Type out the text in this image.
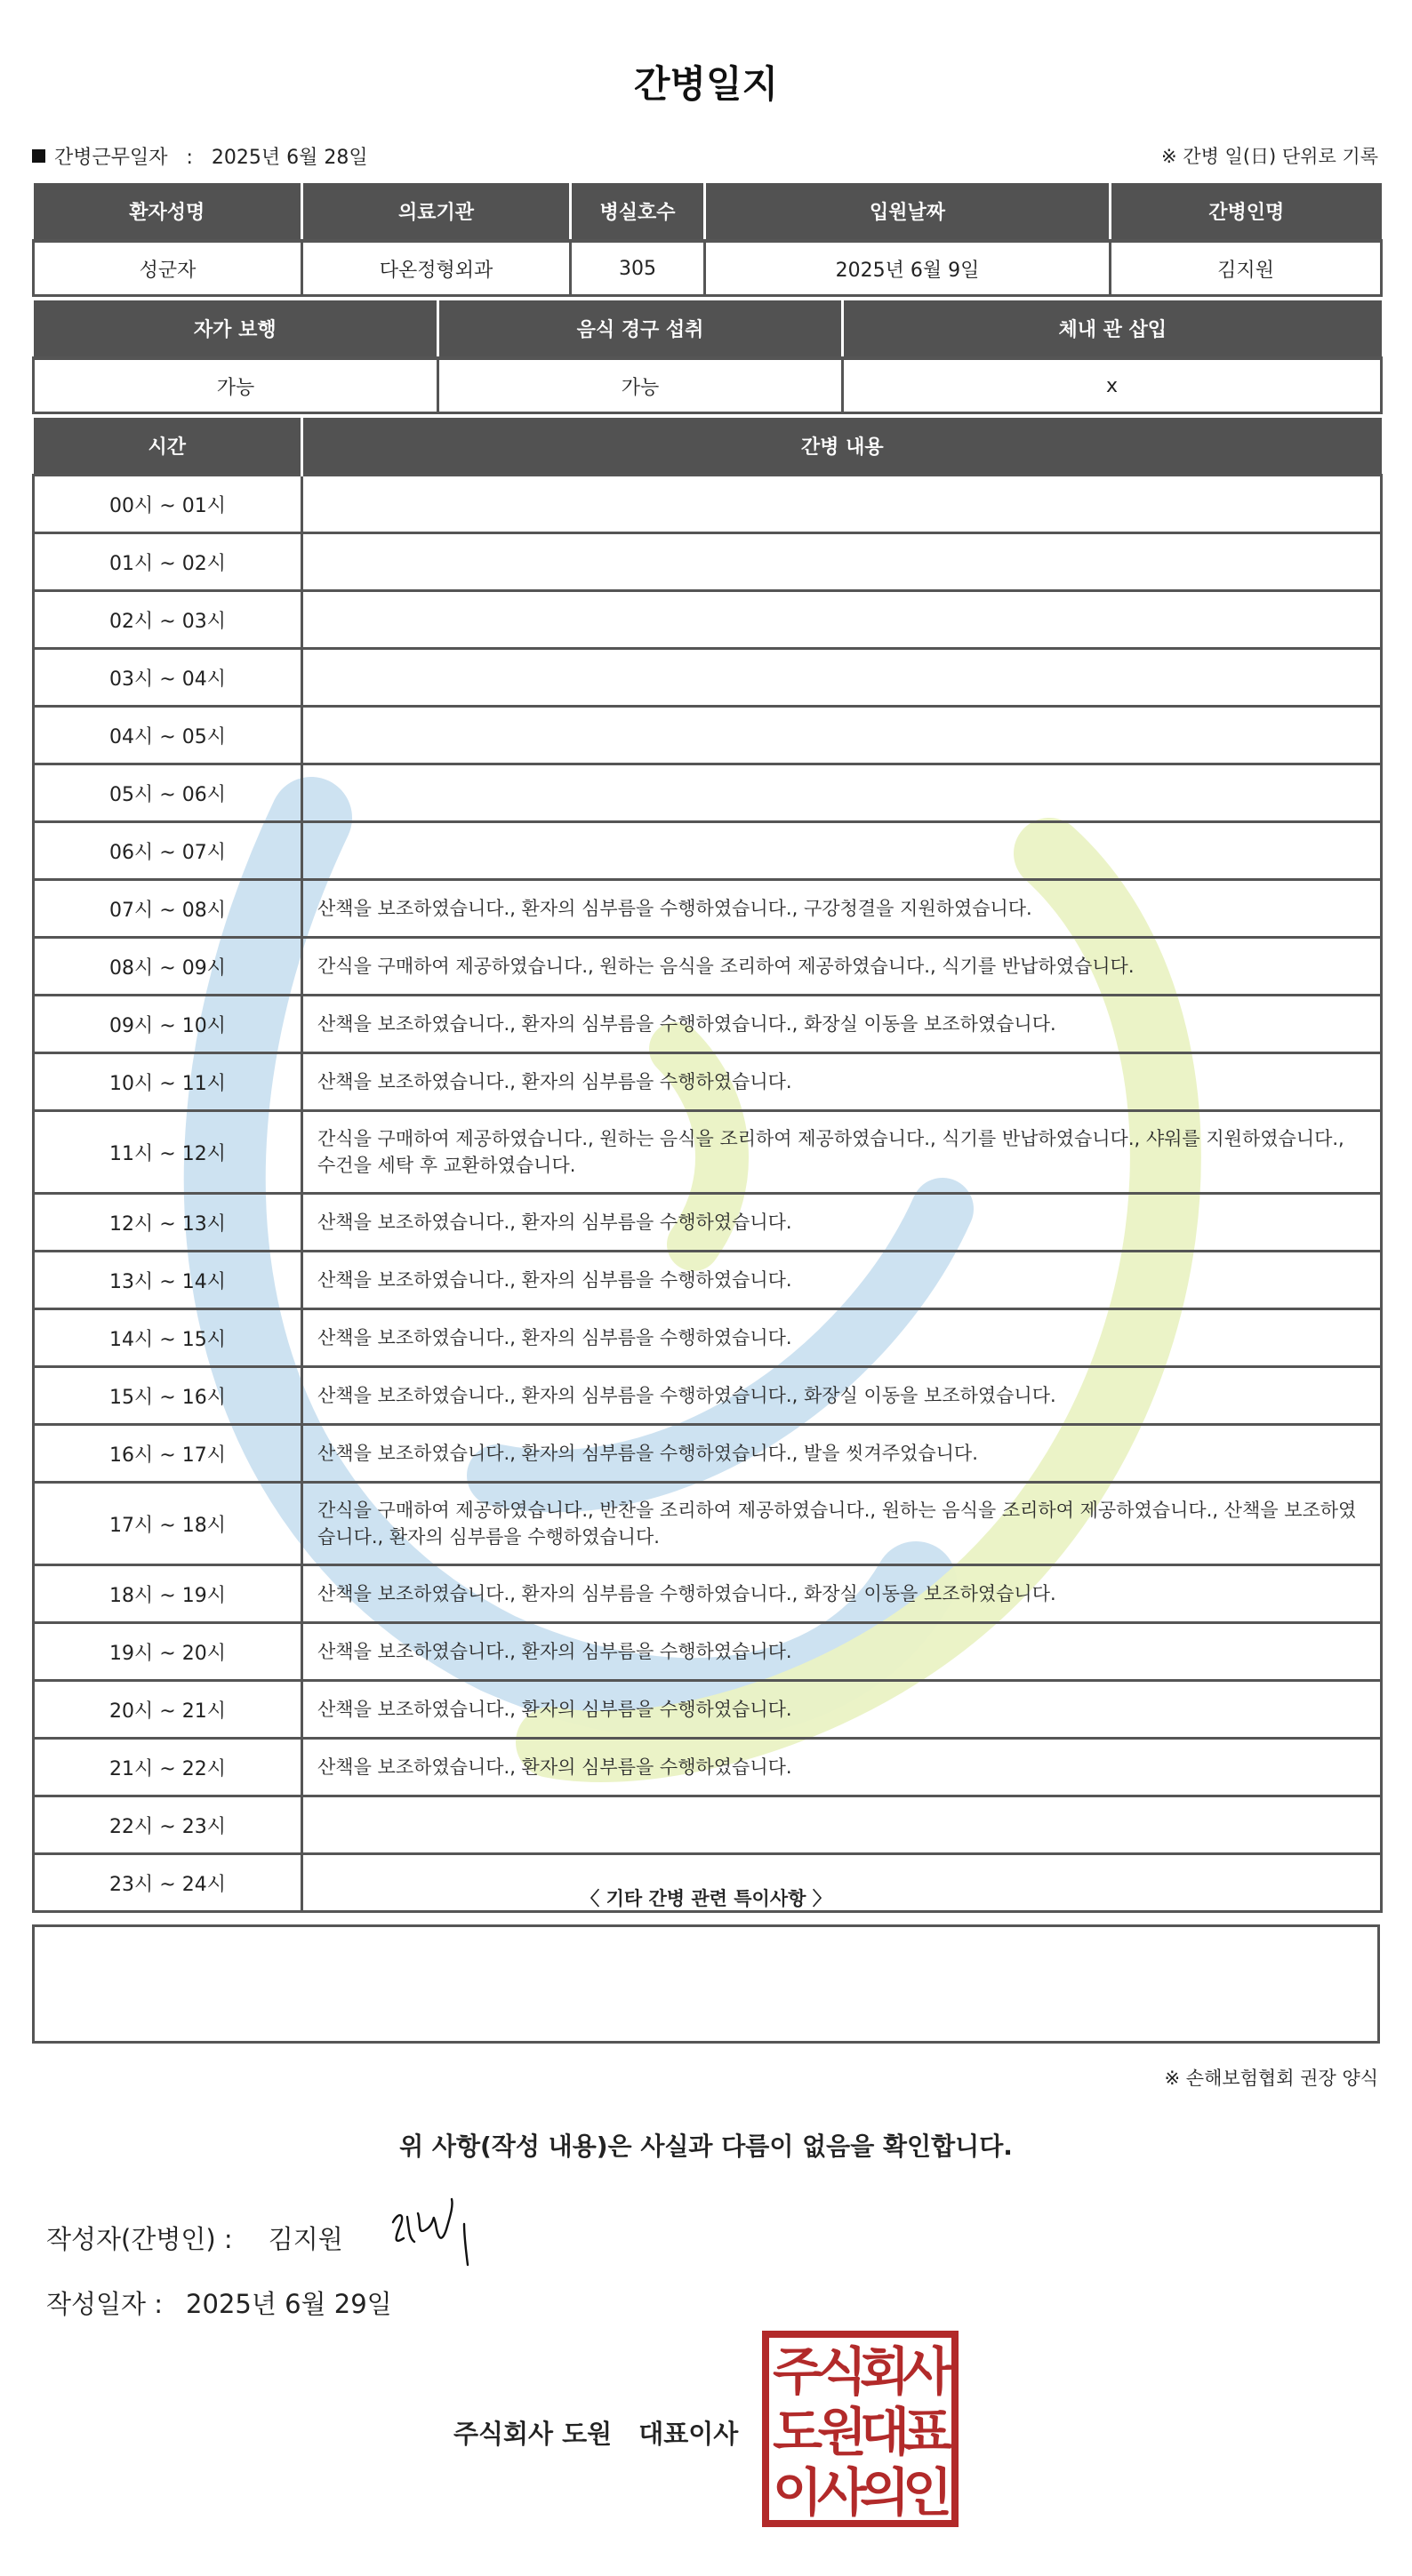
간병일지
간병근무일자 : 2025년 6월 28일	※ 간병 일(日) 단위로 기록
환자성명	의료기관	병실호수	입원날짜	간병인명
성군자	다온정형외과	305	2025년 6월 9일	김지원
자가 보행	음식 경구 섭취	체내 관 삽입
가능	가능	x
시간	간병 내용
00시 ~ 01시	
01시 ~ 02시	
02시 ~ 03시	
03시 ~ 04시	
04시 ~ 05시	
05시 ~ 06시	
06시 ~ 07시	
07시 ~ 08시	산책을 보조하였습니다., 환자의 심부름을 수행하였습니다., 구강청결을 지원하였습니다.
08시 ~ 09시	간식을 구매하여 제공하였습니다., 원하는 음식을 조리하여 제공하였습니다., 식기를 반납하였습니다.
09시 ~ 10시	산책을 보조하였습니다., 환자의 심부름을 수행하였습니다., 화장실 이동을 보조하였습니다.
10시 ~ 11시	산책을 보조하였습니다., 환자의 심부름을 수행하였습니다.
11시 ~ 12시	간식을 구매하여 제공하였습니다., 원하는 음식을 조리하여 제공하였습니다., 식기를 반납하였습니다., 샤워를 지원하였습니다., 수건을 세탁 후 교환하였습니다.
12시 ~ 13시	산책을 보조하였습니다., 환자의 심부름을 수행하였습니다.
13시 ~ 14시	산책을 보조하였습니다., 환자의 심부름을 수행하였습니다.
14시 ~ 15시	산책을 보조하였습니다., 환자의 심부름을 수행하였습니다.
15시 ~ 16시	산책을 보조하였습니다., 환자의 심부름을 수행하였습니다., 화장실 이동을 보조하였습니다.
16시 ~ 17시	산책을 보조하였습니다., 환자의 심부름을 수행하였습니다., 발을 씻겨주었습니다.
17시 ~ 18시	간식을 구매하여 제공하였습니다., 반찬을 조리하여 제공하였습니다., 원하는 음식을 조리하여 제공하였습니다., 산책을 보조하였습니다., 환자의 심부름을 수행하였습니다.
18시 ~ 19시	산책을 보조하였습니다., 환자의 심부름을 수행하였습니다., 화장실 이동을 보조하였습니다.
19시 ~ 20시	산책을 보조하였습니다., 환자의 심부름을 수행하였습니다.
20시 ~ 21시	산책을 보조하였습니다., 환자의 심부름을 수행하였습니다.
21시 ~ 22시	산책을 보조하였습니다., 환자의 심부름을 수행하였습니다.
22시 ~ 23시	
23시 ~ 24시	
〈 기타 간병 관련 특이사항 〉
※ 손해보험협회 권장 양식
위 사항(작성 내용)은 사실과 다름이 없음을 확인합니다.
작성자(간병인) : 김지원
작성일자 : 2025년 6월 29일
주식회사 도원 대표이사
주
식
회
사
도
원
대
표
이
사
의
인
